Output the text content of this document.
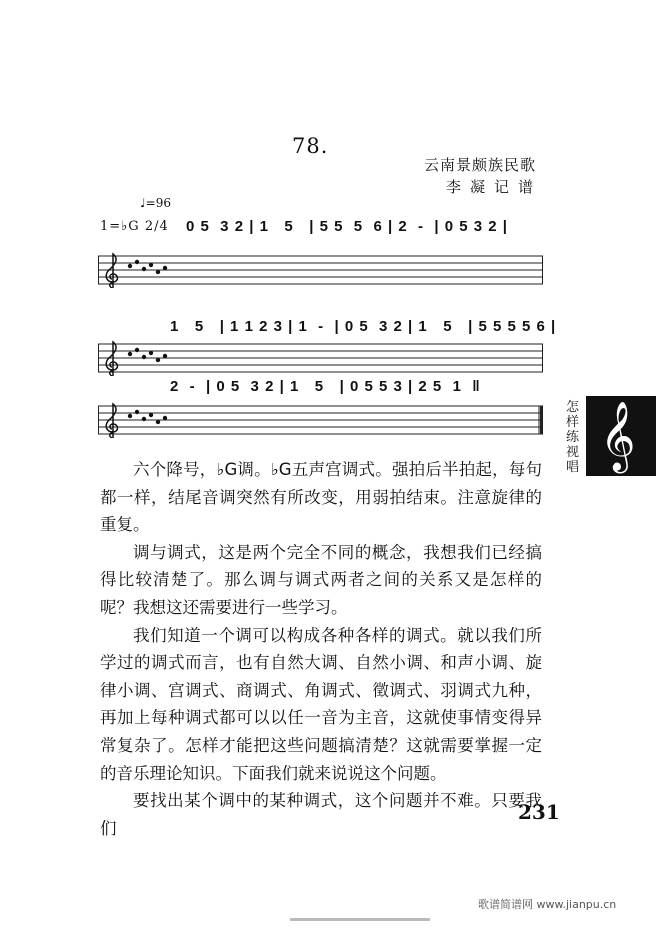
78.
云南景颇族民歌
李凝记谱
♩=96
1=♭G 2/4 0 5  3 2 | 1   5   | 5 5  5  6 | 2  -  | 0 5 3 2 |
1   5   | 1 1 2 3 | 1  -  | 0 5  3 2 | 1   5   | 5 5 5 5 6 |
2  -  | 0 5  3 2 | 1   5   | 0 5 5 3 | 2 5  1  ‖
𝄞
怎样练视唱

六个降号，♭G调。♭G五声宫调式。强拍后半拍起，每句都一样，结尾音调突然有所改变，用弱拍结束。注意旋律的重复。

调与调式，这是两个完全不同的概念，我想我们已经搞得比较清楚了。那么调与调式两者之间的关系又是怎样的呢？我想这还需要进行一些学习。

我们知道一个调可以构成各种各样的调式。就以我们所学过的调式而言，也有自然大调、自然小调、和声小调、旋律小调、宫调式、商调式、角调式、徵调式、羽调式九种，再加上每种调式都可以以任一音为主音，这就使事情变得异常复杂了。怎样才能把这些问题搞清楚？这就需要掌握一定的音乐理论知识。下面我们就来说说这个问题。

要找出某个调中的某种调式，这个问题并不难。只要我们

231
歌谱简谱网 www.jianpu.cn
